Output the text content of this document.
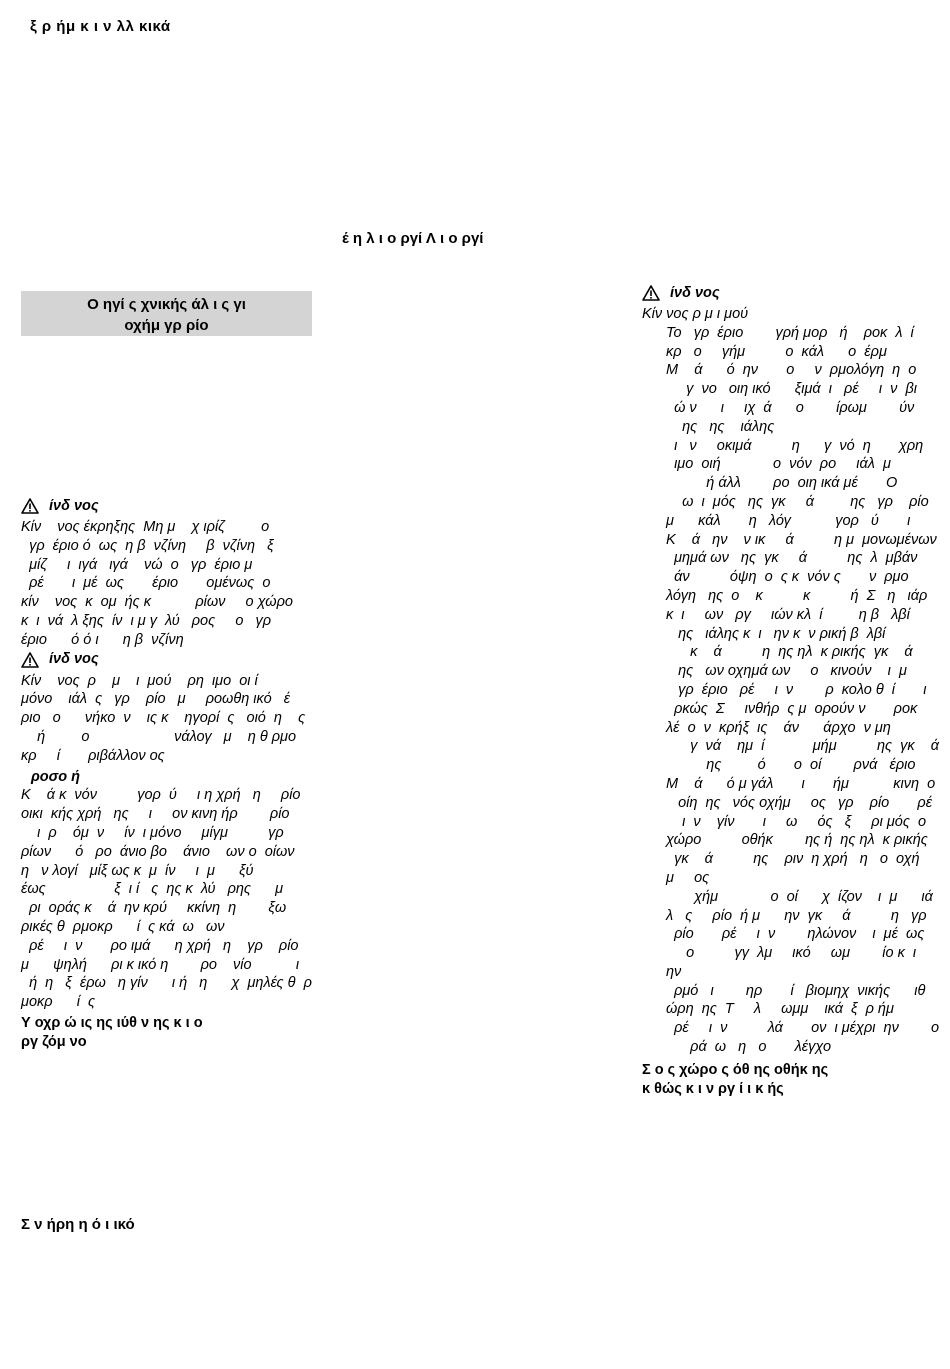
ξ ρ ήμ κ ι ν λλ κικά
έ η λ ι ο ργί Λ ι ο ργί
Ο ηγί ς χνικής άλ ι ς γι
οχήμ γρ ρίο
ίνδ νος
Κίν    νος έκρηξης  Μη μ    χ ιρίζ         ο
γρ  έριο ό  ως  η β  νζίνη     β  νζίνη   ξ
μίζ     ι  ιγά   ιγά    νώ  ο   γρ  έριο μ
ρέ       ι  μέ  ως       έριο       ομένως  ο
κίν    νος  κ  ομ  ής κ           ρίων     ο χώρο
κ  ι  νά  λ ξης  ίν  ι μ γ  λύ   ρος     ο   γρ
έριο      ό ό ι      η β  νζίνη
ίνδ νος
Κίν    νος  ρ    μ    ι  μού    ρη  ιμο  οι ί
μόνο    ιάλ  ς   γρ    ρίο   μ     ροωθη ικό   έ
ριο   ο      νήκο  ν    ις κ    ηγορί  ς   οιό  η    ς
ή         ο                     νάλογ   μ    η θ ρμο
κρ     ί       ριβάλλον ος
ροσο ή
Κ    ά κ  νόν          γορ  ύ     ι η χρή   η     ρίο
οικι  κής χρή   ης     ι     ον κινη ήρ        ρίο
ι  ρ    όμ  ν     ίν  ι μόνο     μίγμ          γρ
ρίων      ό   ρο  άνιο βο    άνιο    ων ο  οίων
η   ν λογί   μίξ ως κ  μ  ίν     ι  μ      ξύ
έως                 ξ  ι ί   ς  ης κ  λύ   ρης      μ
ρι  οράς κ    ά  ην κρύ     κκίνη  η        ξω
ρικές θ  ρμοκρ      ί  ς κά  ω   ων
ρέ     ι  ν       ρο ιμά      η χρή   η    γρ    ρίο
μ      ψηλή      ρι κ ικό η        ρο    νίο           ι
ή  η   ξ  έρω   η γίν      ι ή   η      χ  μηλές θ  ρ
μοκρ      ί  ς
Υ οχρ ώ ις ης ιύθ ν ης κ ι ο
ργ ζόμ νο
ίνδ νος
Κίν νος ρ μ ι μού
Το   γρ  έριο        γρή μορ   ή    ροκ  λ  ί
κρ   ο     γήμ          ο  κάλ      ο  έρμ
Μ    ά      ό  ην       ο     ν  ρμολόγη  η  ο
γ  νο   οιη ικό      ξιμά  ι   ρέ     ι  ν  βι
ώ ν      ι     ιχ  ά      ο        ίρωμ        ύν
ης   ης    ιάλης
ι   ν     οκιμά          η      γ  νό  η       χρη
ιμο  οιή             ο  νόν  ρο     ιάλ  μ
ή άλλ        ρο  οιη ικά μέ       Ο
ω  ι  μός   ης  γκ     ά         ης   γρ    ρίο
μ      κάλ       η   λόγ           γορ   ύ       ι
Κ    ά   ην    ν ικ     ά          η μ  μονωμένων
μημά ων   ης  γκ     ά          ης  λ  μβάν
άν          όψη  ο  ς κ  νόν ς       ν  ρμο
λόγη   ης  ο    κ          κ          ή  Σ   η   ιάρ
κ  ι     ων   ργ     ιών κλ  ί         η β   λβί
ης   ιάλης κ  ι   ην κ  ν ρική β  λβί
κ    ά          η  ης ηλ  κ ρικής  γκ    ά
ης   ων οχημά ων     ο   κινούν    ι  μ
γρ  έριο   ρέ     ι  ν        ρ  κολο θ  ί       ι
ρκώς  Σ     ινθήρ  ς μ  ορούν ν       ροκ
λέ  ο  ν  κρήξ  ις    άν      άρχο  ν μη
γ  νά    ημ  ί            μήμ          ης  γκ    ά
ης         ό       ο  οί        ρνά   έριο
Μ    ά      ό μ γάλ       ι       ήμ           κινη  ο
οίη  ης   νός οχήμ     ος   γρ    ρίο       ρέ
ι  ν    γίν       ι     ω     ός   ξ     ρι μός  ο
χώρο          οθήκ        ης ή  ης ηλ  κ ρικής
γκ    ά          ης    ριν  η χρή   η   ο  οχή
μ     ος
χήμ             ο  οί      χ  ίζον    ι  μ      ιά
λ   ς     ρίο  ή μ      ην  γκ     ά          η   γρ
ρίο       ρέ     ι  ν        ηλώνον    ι  μέ  ως
ο          γγ  λμ     ικό     ωμ        ίο κ  ι      ην
ρμό   ι        ηρ       ί   βιομηχ  νικής      ιθ
ώρη  ης  Τ     λ     ωμμ    ικά  ξ  ρ ήμ
ρέ     ι  ν          λά       ον  ι μέχρι  ην        ο
ρά  ω   η   ο       λέγχο
Σ ο ς χώρο ς όθ ης οθήκ ης
κ θώς κ ι ν ργ ί ι κ ής
Σ ν ήρη η ό ι ικό
